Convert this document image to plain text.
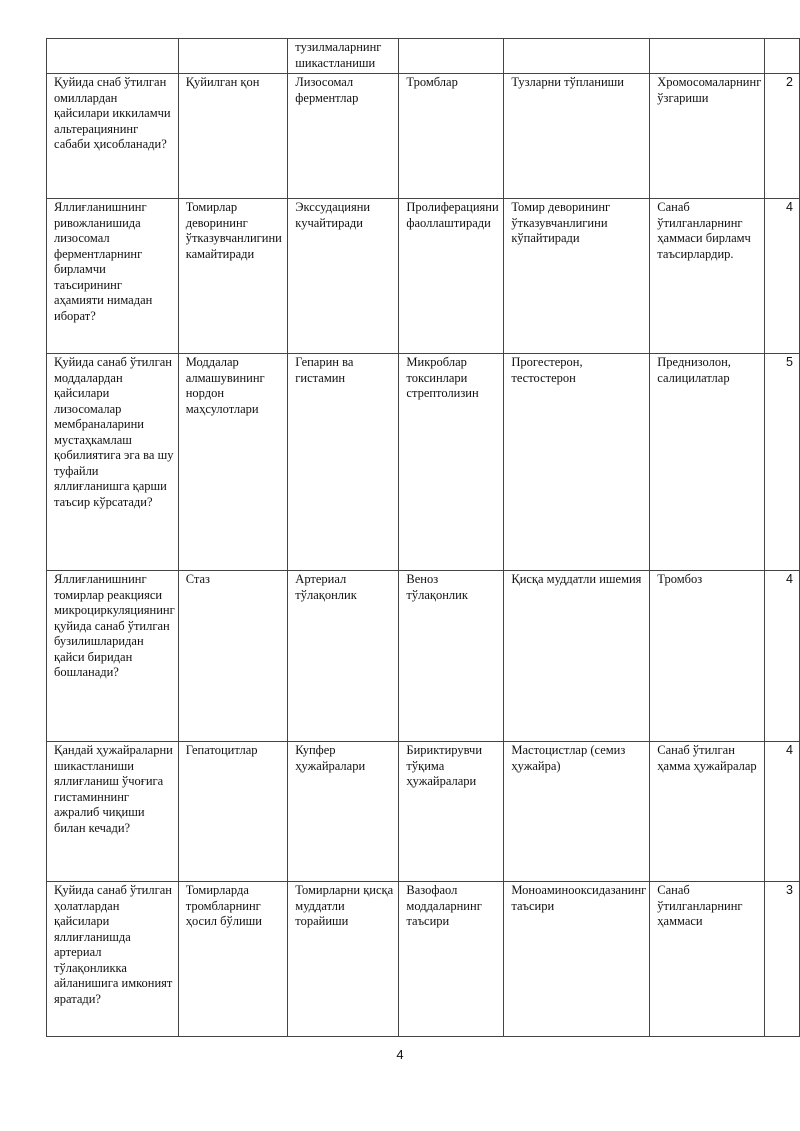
		тузилмаларнинг шикастланиши				
Қуйида снаб ўтилган омиллардан қайсилари иккиламчи альтерациянинг сабаби ҳисобланади?	Қуйилган қон	Лизосомал ферментлар	Тромблар	Тузларни тўпланиши	Хромосомаларнинг ўзгариши	2
Яллиғланишнинг ривожланишида лизосомал ферментларнинг бирламчи таъсирининг аҳамияти нимадан иборат?	Томирлар деворининг ўтказувчанлигини камайтиради	Экссудацияни кучайтиради	Пролиферацияни фаоллаштиради	Томир деворининг ўтказувчанлигини кўпайтиради	Санаб ўтилганларнинг ҳаммаси бирламч таъсирлардир.	4
Қуйида санаб ўтилган моддалардан қайсилари лизосомалар мембраналарини мустаҳкамлаш қобилиятига эга ва шу туфайли яллиғланишга қарши таъсир кўрсатади?	Моддалар алмашувининг нордон маҳсулотлари	Гепарин ва гистамин	Микроблар токсинлари стрептолизин	Прогестерон, тестостерон	Преднизолон, салицилатлар	5
Яллиғланишнинг томирлар реакцияси микроциркуляциянинг қуйида санаб ўтилган бузилишларидан қайси биридан бошланади?	Стаз	Артериал тўлақонлик	Веноз тўлақонлик	Қисқа муддатли ишемия	Тромбоз	4
Қандай ҳужайраларни шикастланиши яллиғланиш ўчоғига гистаминнинг ажралиб чиқиши билан кечади?	Гепатоцитлар	Купфер ҳужайралари	Бириктирувчи тўқима ҳужайралари	Мастоцистлар (семиз ҳужайра)	Санаб ўтилган ҳамма ҳужайралар	4
Қуйида санаб ўтилган ҳолатлардан қайсилари яллиғланишда артериал тўлақонликка айланишига имконият яратади?	Томирларда тромбларнинг ҳосил бўлиши	Томирларни қисқа муддатли торайиши	Вазофаол моддаларнинг таъсири	Моноаминооксидазанинг таъсири	Санаб ўтилганларнинг ҳаммаси	3
4
